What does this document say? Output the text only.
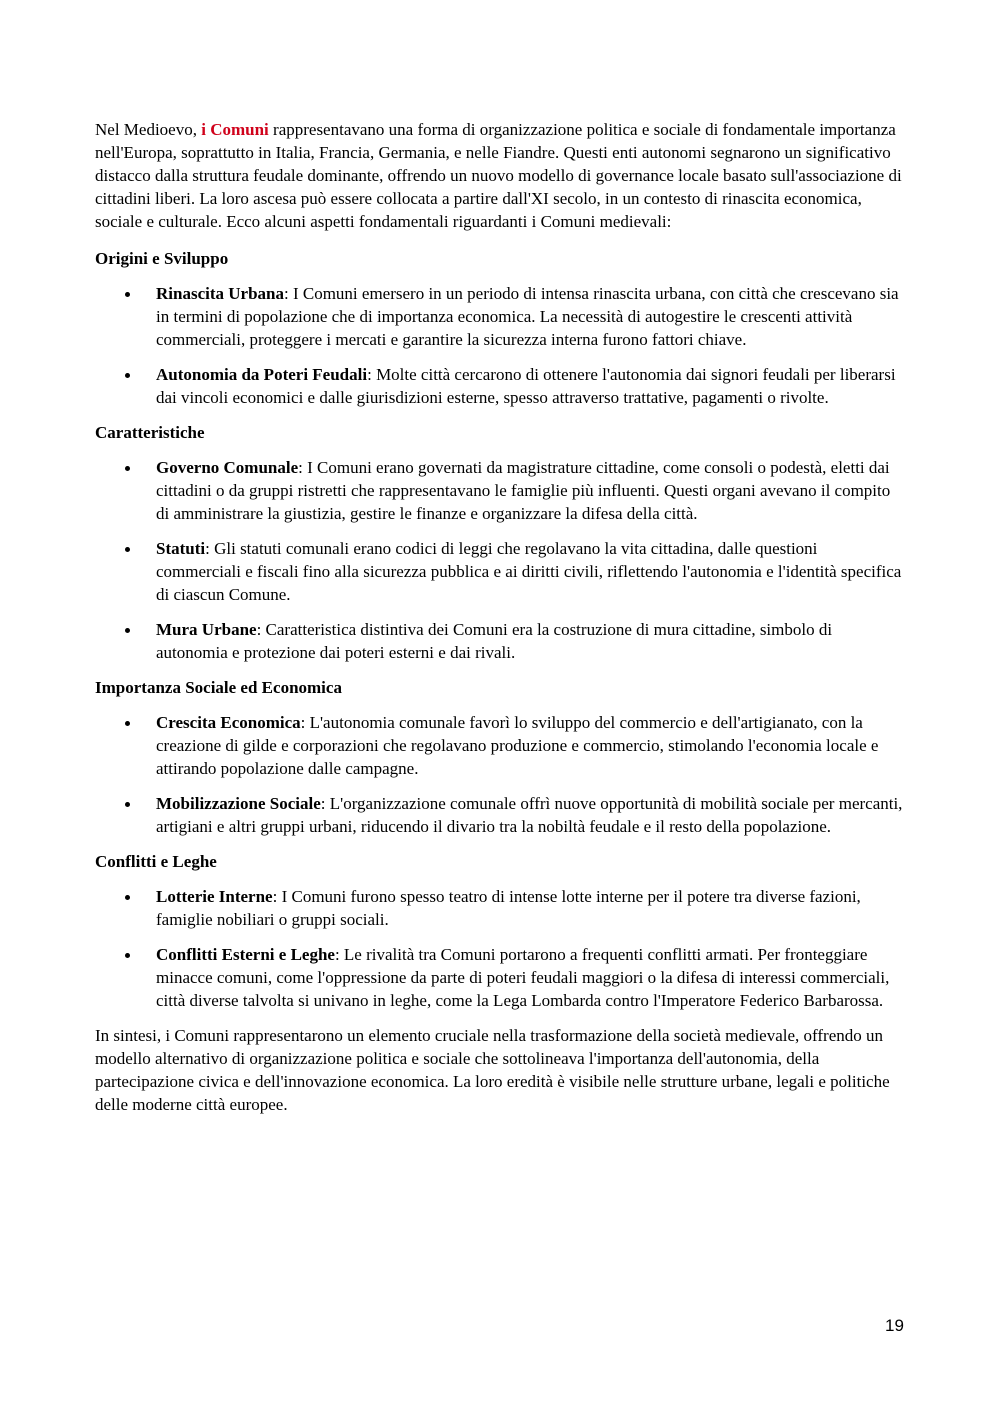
Nel Medioevo, i Comuni rappresentavano una forma di organizzazione politica e sociale di fondamentale importanza nell'Europa, soprattutto in Italia, Francia, Germania, e nelle Fiandre. Questi enti autonomi segnarono un significativo distacco dalla struttura feudale dominante, offrendo un nuovo modello di governance locale basato sull'associazione di cittadini liberi. La loro ascesa può essere collocata a partire dall'XI secolo, in un contesto di rinascita economica, sociale e culturale. Ecco alcuni aspetti fondamentali riguardanti i Comuni medievali:

Origini e Sviluppo
Rinascita Urbana: I Comuni emersero in un periodo di intensa rinascita urbana, con città che crescevano sia in termini di popolazione che di importanza economica. La necessità di autogestire le crescenti attività commerciali, proteggere i mercati e garantire la sicurezza interna furono fattori chiave.
Autonomia da Poteri Feudali: Molte città cercarono di ottenere l'autonomia dai signori feudali per liberarsi dai vincoli economici e dalle giurisdizioni esterne, spesso attraverso trattative, pagamenti o rivolte.
Caratteristiche
Governo Comunale: I Comuni erano governati da magistrature cittadine, come consoli o podestà, eletti dai cittadini o da gruppi ristretti che rappresentavano le famiglie più influenti. Questi organi avevano il compito di amministrare la giustizia, gestire le finanze e organizzare la difesa della città.
Statuti: Gli statuti comunali erano codici di leggi che regolavano la vita cittadina, dalle questioni commerciali e fiscali fino alla sicurezza pubblica e ai diritti civili, riflettendo l'autonomia e l'identità specifica di ciascun Comune.
Mura Urbane: Caratteristica distintiva dei Comuni era la costruzione di mura cittadine, simbolo di autonomia e protezione dai poteri esterni e dai rivali.
Importanza Sociale ed Economica
Crescita Economica: L'autonomia comunale favorì lo sviluppo del commercio e dell'artigianato, con la creazione di gilde e corporazioni che regolavano produzione e commercio, stimolando l'economia locale e attirando popolazione dalle campagne.
Mobilizzazione Sociale: L'organizzazione comunale offrì nuove opportunità di mobilità sociale per mercanti, artigiani e altri gruppi urbani, riducendo il divario tra la nobiltà feudale e il resto della popolazione.
Conflitti e Leghe
Lotterie Interne: I Comuni furono spesso teatro di intense lotte interne per il potere tra diverse fazioni, famiglie nobiliari o gruppi sociali.
Conflitti Esterni e Leghe: Le rivalità tra Comuni portarono a frequenti conflitti armati. Per fronteggiare minacce comuni, come l'oppressione da parte di poteri feudali maggiori o la difesa di interessi commerciali, città diverse talvolta si univano in leghe, come la Lega Lombarda contro l'Imperatore Federico Barbarossa.

In sintesi, i Comuni rappresentarono un elemento cruciale nella trasformazione della società medievale, offrendo un modello alternativo di organizzazione politica e sociale che sottolineava l'importanza dell'autonomia, della partecipazione civica e dell'innovazione economica. La loro eredità è visibile nelle strutture urbane, legali e politiche delle moderne città europee.

19
